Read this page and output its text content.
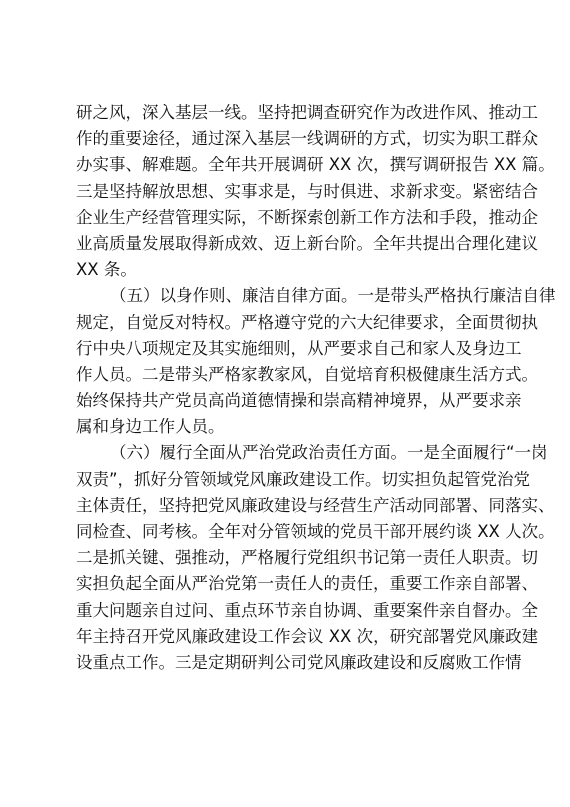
研之风，深入基层一线。坚持把调查研究作为改进作风、推动工
作的重要途径，通过深入基层一线调研的方式，切实为职工群众
办实事、解难题。全年共开展调研 XX 次，撰写调研报告 XX 篇。
三是坚持解放思想、实事求是，与时俱进、求新求变。紧密结合
企业生产经营管理实际，不断探索创新工作方法和手段，推动企
业高质量发展取得新成效、迈上新台阶。全年共提出合理化建议
XX 条。
（五）以身作则、廉洁自律方面。一是带头严格执行廉洁自律
规定，自觉反对特权。严格遵守党的六大纪律要求，全面贯彻执
行中央八项规定及其实施细则，从严要求自己和家人及身边工
作人员。二是带头严格家教家风，自觉培育积极健康生活方式。
始终保持共产党员高尚道德情操和崇高精神境界，从严要求亲
属和身边工作人员。
（六）履行全面从严治党政治责任方面。一是全面履行“一岗
双责”，抓好分管领域党风廉政建设工作。切实担负起管党治党
主体责任，坚持把党风廉政建设与经营生产活动同部署、同落实、
同检查、同考核。全年对分管领域的党员干部开展约谈 XX 人次。
二是抓关键、强推动，严格履行党组织书记第一责任人职责。切
实担负起全面从严治党第一责任人的责任，重要工作亲自部署、
重大问题亲自过问、重点环节亲自协调、重要案件亲自督办。全
年主持召开党风廉政建设工作会议 XX 次，研究部署党风廉政建
设重点工作。三是定期研判公司党风廉政建设和反腐败工作情
